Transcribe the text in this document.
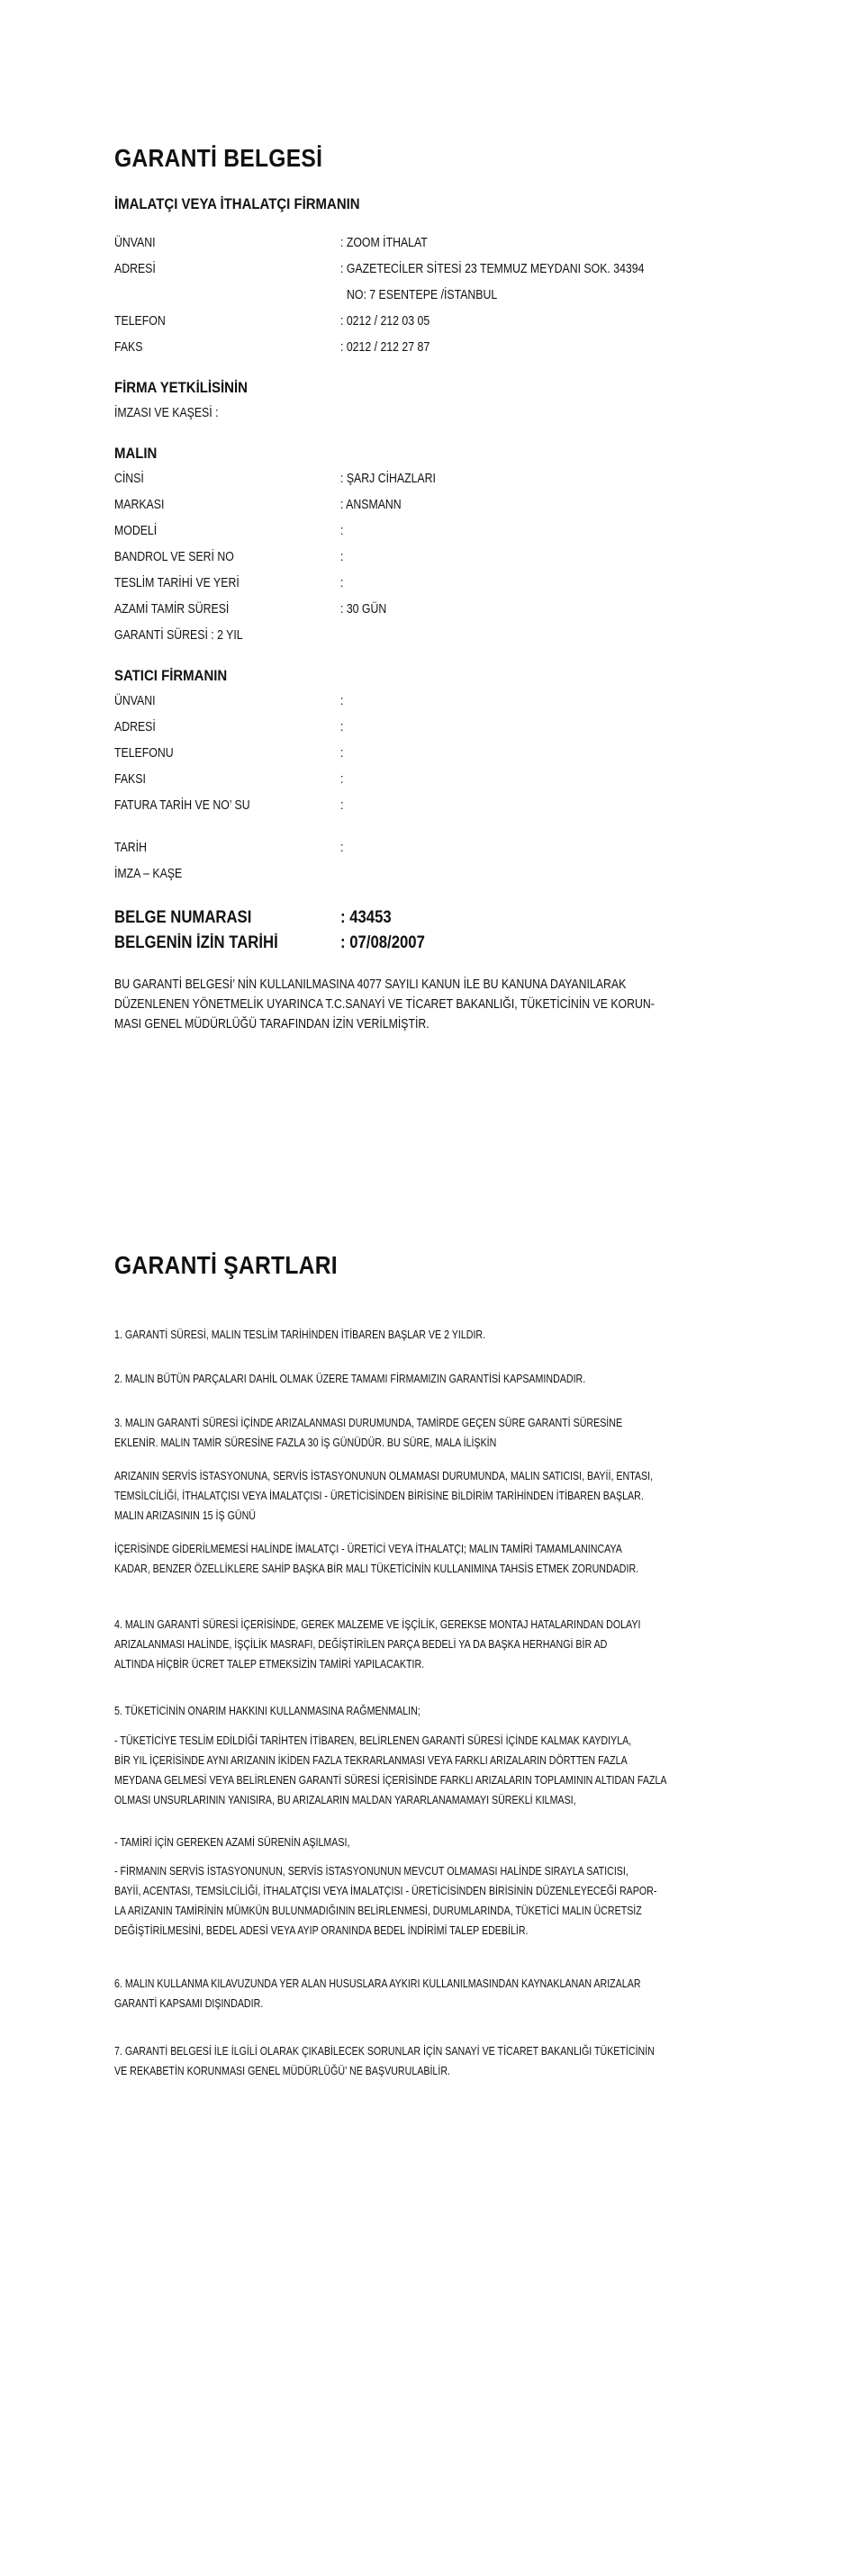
GARANTİ BELGESİ
İMALATÇI VEYA İTHALATÇI FİRMANIN
ÜNVANI	: ZOOM İTHALAT
ADRESİ	: GAZETECİLER SİTESİ 23 TEMMUZ MEYDANI SOK. 34394
NO: 7 ESENTEPE /İSTANBUL
TELEFON	: 0212 / 212 03 05
FAKS	: 0212 / 212 27 87
FİRMA YETKİLİSİNİN
İMZASI VE KAŞESİ :
MALIN
CİNSİ	: ŞARJ CİHAZLARI
MARKASI	: ANSMANN
MODELİ	:
BANDROL VE SERİ NO	:
TESLİM TARİHİ VE YERİ	:
AZAMİ TAMİR SÜRESİ	: 30 GÜN
GARANTİ SÜRESİ : 2 YIL
SATICI FİRMANIN
ÜNVANI	:
ADRESİ	:
TELEFONU	:
FAKSI	:
FATURA TARİH VE NO’ SU	:
TARİH	:
İMZA – KAŞE
BELGE NUMARASI	: 43453
BELGENİN İZİN TARİHİ	: 07/08/2007
BU GARANTİ BELGESİ’ NİN KULLANILMASINA 4077 SAYILI KANUN İLE BU KANUNA DAYANILARAK
DÜZENLENEN YÖNETMELİK UYARINCA T.C.SANAYİ VE TİCARET BAKANLIĞI, TÜKETİCİNİN VE KORUN-
MASI GENEL MÜDÜRLÜĞÜ TARAFINDAN İZİN VERİLMİŞTİR.
GARANTİ ŞARTLARI
1. GARANTİ SÜRESİ, MALIN TESLİM TARİHİNDEN İTİBAREN BAŞLAR VE 2 YILDIR.
2. MALIN BÜTÜN PARÇALARI DAHİL OLMAK ÜZERE TAMAMI FİRMAMIZIN GARANTİSİ KAPSAMINDADIR.
3. MALIN GARANTİ SÜRESİ İÇİNDE ARIZALANMASI DURUMUNDA, TAMİRDE GEÇEN SÜRE GARANTİ SÜRESİNE
EKLENİR. MALIN TAMİR SÜRESİNE FAZLA 30 İŞ GÜNÜDÜR. BU SÜRE, MALA İLİŞKİN
ARIZANIN SERVİS İSTASYONUNA, SERVİS İSTASYONUNUN OLMAMASI DURUMUNDA, MALIN SATICISI, BAYİİ, ENTASI,
TEMSİLCİLİĞİ, İTHALATÇISI VEYA İMALATÇISI - ÜRETİCİSİNDEN BİRİSİNE BİLDİRİM TARİHİNDEN İTİBAREN BAŞLAR.
MALIN ARIZASININ 15 İŞ GÜNÜ
İÇERİSİNDE GİDERİLMEMESİ HALİNDE İMALATÇI - ÜRETİCİ VEYA İTHALATÇI; MALIN TAMİRİ TAMAMLANINCAYA
KADAR, BENZER ÖZELLİKLERE SAHİP BAŞKA BİR MALI TÜKETİCİNİN KULLANIMINA TAHSİS ETMEK ZORUNDADIR.
4. MALIN GARANTİ SÜRESİ İÇERİSİNDE, GEREK MALZEME VE İŞÇİLİK, GEREKSE MONTAJ HATALARINDAN DOLAYI
ARIZALANMASI HALİNDE, İŞÇİLİK MASRAFI, DEĞİŞTİRİLEN PARÇA BEDELİ YA DA BAŞKA HERHANGİ BİR AD
ALTINDA HİÇBİR ÜCRET TALEP ETMEKSİZİN TAMİRİ YAPILACAKTIR.
5. TÜKETİCİNİN ONARIM HAKKINI KULLANMASINA RAĞMENMALIN;
- TÜKETİCİYE TESLİM EDİLDİĞİ TARİHTEN İTİBAREN, BELİRLENEN GARANTİ SÜRESİ İÇİNDE KALMAK KAYDIYLA,
BİR YIL İÇERİSİNDE AYNI ARIZANIN İKİDEN FAZLA TEKRARLANMASI VEYA FARKLI ARIZALARIN DÖRTTEN FAZLA
MEYDANA GELMESİ VEYA BELİRLENEN GARANTİ SÜRESİ İÇERİSİNDE FARKLI ARIZALARIN TOPLAMININ ALTIDAN FAZLA
OLMASI UNSURLARININ YANISIRA, BU ARIZALARIN MALDAN YARARLANAMAMAYI SÜREKLİ KILMASI,
- TAMİRİ İÇİN GEREKEN AZAMİ SÜRENİN AŞILMASI,
- FİRMANIN SERVİS İSTASYONUNUN, SERVİS İSTASYONUNUN MEVCUT OLMAMASI HALİNDE SIRAYLA SATICISI,
BAYİİ, ACENTASI, TEMSİLCİLİĞİ, İTHALATÇISI VEYA İMALATÇISI - ÜRETİCİSİNDEN BİRİSİNİN DÜZENLEYECEĞİ RAPOR-
LA ARIZANIN TAMİRİNİN MÜMKÜN BULUNMADIĞININ BELİRLENMESİ, DURUMLARINDA, TÜKETİCİ MALIN ÜCRETSİZ
DEĞİŞTİRİLMESİNİ, BEDEL ADESİ VEYA AYIP ORANINDA BEDEL İNDİRİMİ TALEP EDEBİLİR.
6. MALIN KULLANMA KILAVUZUNDA YER ALAN HUSUSLARA AYKIRI KULLANILMASINDAN KAYNAKLANAN ARIZALAR
GARANTİ KAPSAMI DIŞINDADIR.
7. GARANTİ BELGESİ İLE İLGİLİ OLARAK ÇIKABİLECEK SORUNLAR İÇİN SANAYİ VE TİCARET BAKANLIĞI TÜKETİCİNİN
VE REKABETİN KORUNMASI GENEL MÜDÜRLÜĞÜ’ NE BAŞVURULABİLİR.
